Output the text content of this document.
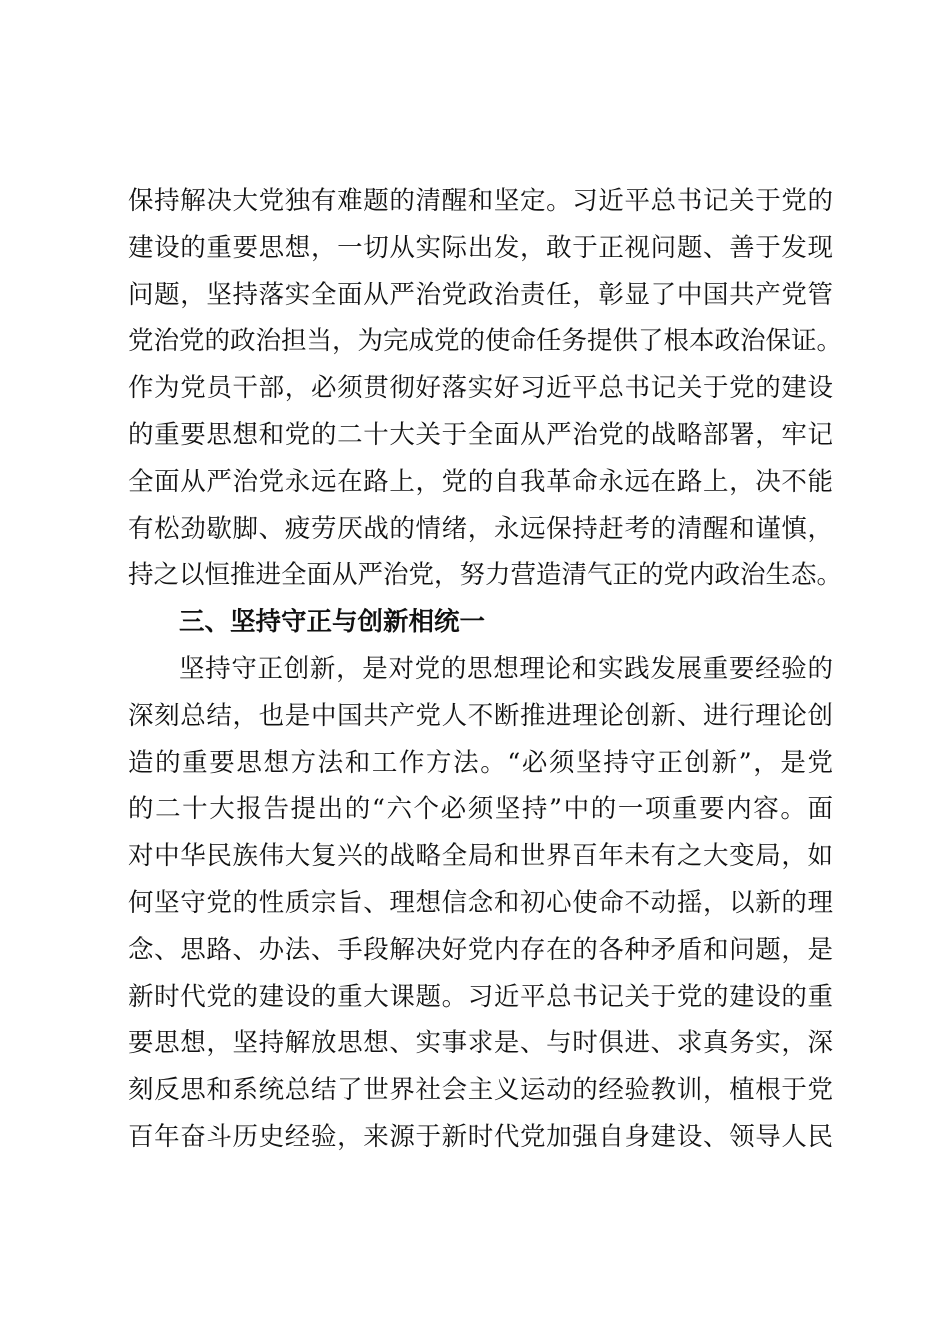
保持解决大党独有难题的清醒和坚定。习近平总书记关于党的
建设的重要思想，一切从实际出发，敢于正视问题、善于发现
问题，坚持落实全面从严治党政治责任，彰显了中国共产党管
党治党的政治担当，为完成党的使命任务提供了根本政治保证。
作为党员干部，必须贯彻好落实好习近平总书记关于党的建设
的重要思想和党的二十大关于全面从严治党的战略部署，牢记
全面从严治党永远在路上，党的自我革命永远在路上，决不能
有松劲歇脚、疲劳厌战的情绪，永远保持赶考的清醒和谨慎，
持之以恒推进全面从严治党，努力营造清气正的党内政治生态。
三、坚持守正与创新相统一
坚持守正创新，是对党的思想理论和实践发展重要经验的
深刻总结，也是中国共产党人不断推进理论创新、进行理论创
造的重要思想方法和工作方法。“必须坚持守正创新”，是党
的二十大报告提出的“六个必须坚持”中的一项重要内容。面
对中华民族伟大复兴的战略全局和世界百年未有之大变局，如
何坚守党的性质宗旨、理想信念和初心使命不动摇，以新的理
念、思路、办法、手段解决好党内存在的各种矛盾和问题，是
新时代党的建设的重大课题。习近平总书记关于党的建设的重
要思想，坚持解放思想、实事求是、与时俱进、求真务实，深
刻反思和系统总结了世界社会主义运动的经验教训，植根于党
百年奋斗历史经验，来源于新时代党加强自身建设、领导人民
